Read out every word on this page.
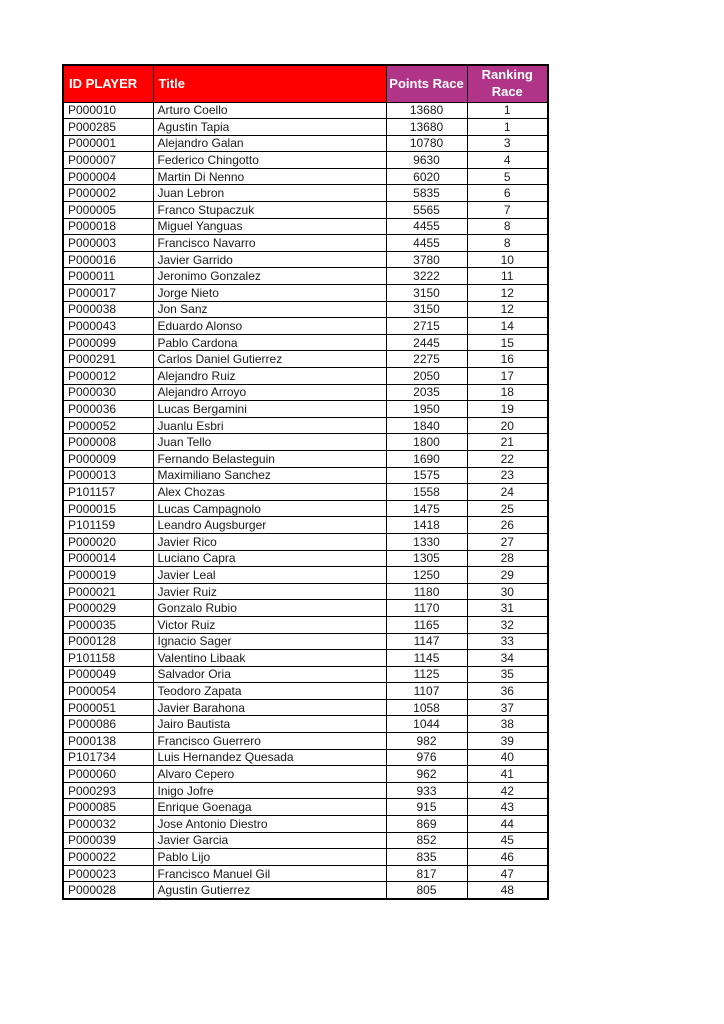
ID PLAYER	Title	Points Race	Ranking Race
P000010	Arturo Coello	13680	1
P000285	Agustin Tapia	13680	1
P000001	Alejandro Galan	10780	3
P000007	Federico Chingotto	9630	4
P000004	Martin Di Nenno	6020	5
P000002	Juan Lebron	5835	6
P000005	Franco Stupaczuk	5565	7
P000018	Miguel Yanguas	4455	8
P000003	Francisco Navarro	4455	8
P000016	Javier Garrido	3780	10
P000011	Jeronimo Gonzalez	3222	11
P000017	Jorge Nieto	3150	12
P000038	Jon Sanz	3150	12
P000043	Eduardo Alonso	2715	14
P000099	Pablo Cardona	2445	15
P000291	Carlos Daniel Gutierrez	2275	16
P000012	Alejandro Ruiz	2050	17
P000030	Alejandro Arroyo	2035	18
P000036	Lucas Bergamini	1950	19
P000052	Juanlu Esbri	1840	20
P000008	Juan Tello	1800	21
P000009	Fernando Belasteguin	1690	22
P000013	Maximiliano Sanchez	1575	23
P101157	Alex Chozas	1558	24
P000015	Lucas Campagnolo	1475	25
P101159	Leandro Augsburger	1418	26
P000020	Javier Rico	1330	27
P000014	Luciano Capra	1305	28
P000019	Javier Leal	1250	29
P000021	Javier Ruiz	1180	30
P000029	Gonzalo Rubio	1170	31
P000035	Victor Ruiz	1165	32
P000128	Ignacio Sager	1147	33
P101158	Valentino Libaak	1145	34
P000049	Salvador Oria	1125	35
P000054	Teodoro Zapata	1107	36
P000051	Javier Barahona	1058	37
P000086	Jairo Bautista	1044	38
P000138	Francisco Guerrero	982	39
P101734	Luis Hernandez Quesada	976	40
P000060	Alvaro Cepero	962	41
P000293	Inigo Jofre	933	42
P000085	Enrique Goenaga	915	43
P000032	Jose Antonio Diestro	869	44
P000039	Javier Garcia	852	45
P000022	Pablo Lijo	835	46
P000023	Francisco Manuel Gil	817	47
P000028	Agustin Gutierrez	805	48
